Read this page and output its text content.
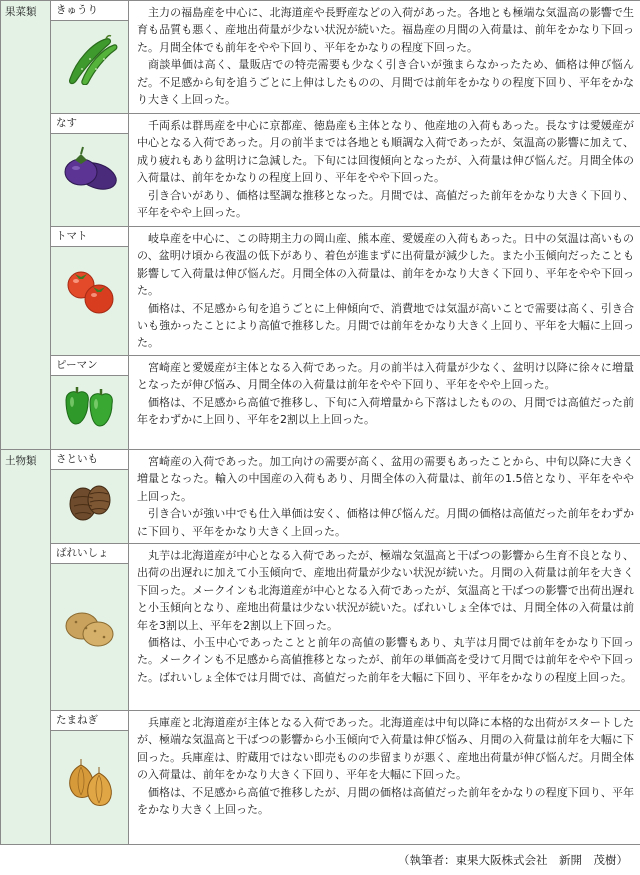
果菜類	きゅうり	主力の福島産を中心に、北海道産や長野産などの入荷があった。各地とも極端な気温高の影響で生育も品質も悪く、産地出荷量が少ない状況が続いた。福島産の月間の入荷量は、前年をかなり下回った。月間全体でも前年をやや下回り、平年をかなりの程度下回った。

商談単価は高く、量販店での特売需要も少なく引き合いが強まらなかったため、価格は伸び悩んだ。不足感から旬を追うごとに上伸はしたものの、月間では前年をかなりの程度下回り、平年をかなり大きく上回った。

	なす	千両系は群馬産を中心に京都産、徳島産も主体となり、他産地の入荷もあった。長なすは愛媛産が中心となる入荷であった。月の前半までは各地とも順調な入荷であったが、気温高の影響に加えて、成り疲れもあり盆明けに急減した。下旬には回復傾向となったが、入荷量は伸び悩んだ。月間全体の入荷量は、前年をかなりの程度上回り、平年をやや下回った。

引き合いがあり、価格は堅調な推移となった。月間では、高値だった前年をかなり大きく下回り、平年をやや上回った。

	トマト	岐阜産を中心に、この時期主力の岡山産、熊本産、愛媛産の入荷もあった。日中の気温は高いものの、盆明け頃から夜温の低下があり、着色が進まずに出荷量が減少した。また小玉傾向だったことも影響して入荷量は伸び悩んだ。月間全体の入荷量は、前年をかなり大きく下回り、平年をやや下回った。

価格は、不足感から旬を追うごとに上伸傾向で、消費地では気温が高いことで需要は高く、引き合いも強かったことにより高値で推移した。月間では前年をかなり大きく上回り、平年を大幅に上回った。

	ピーマン	宮崎産と愛媛産が主体となる入荷であった。月の前半は入荷量が少なく、盆明け以降に徐々に増量となったが伸び悩み、月間全体の入荷量は前年をやや下回り、平年をやや上回った。

価格は、不足感から高値で推移し、下旬に入荷増量から下落はしたものの、月間では高値だった前年をわずかに上回り、平年を2割以上上回った。

土物類	さといも	宮崎産の入荷であった。加工向けの需要が高く、盆用の需要もあったことから、中旬以降に大きく増量となった。輸入の中国産の入荷もあり、月間全体の入荷量は、前年の1.5倍となり、平年をやや上回った。

引き合いが強い中でも仕入単価は安く、価格は伸び悩んだ。月間の価格は高値だった前年をわずかに下回り、平年をかなり大きく上回った。

	ばれいしょ	丸芋は北海道産が中心となる入荷であったが、極端な気温高と干ばつの影響から生育不良となり、出荷の出遅れに加えて小玉傾向で、産地出荷量が少ない状況が続いた。月間の入荷量は前年を大きく下回った。メークインも北海道産が中心となる入荷であったが、気温高と干ばつの影響で出荷出遅れと小玉傾向となり、産地出荷量は少ない状況が続いた。ばれいしょ全体では、月間全体の入荷量は前年を3割以上、平年を2割以上下回った。

価格は、小玉中心であったことと前年の高値の影響もあり、丸芋は月間では前年をかなり下回った。メークインも不足感から高値推移となったが、前年の単価高を受けて月間では前年をやや下回った。ばれいしょ全体では月間では、高値だった前年を大幅に下回り、平年をかなりの程度上回った。

	たまねぎ	兵庫産と北海道産が主体となる入荷であった。北海道産は中旬以降に本格的な出荷がスタートしたが、極端な気温高と干ばつの影響から小玉傾向で入荷量は伸び悩み、月間の入荷量は前年を大幅に下回った。兵庫産は、貯蔵用ではない即売ものの歩留まりが悪く、産地出荷量が伸び悩んだ。月間全体の入荷量は、前年をかなり大きく下回り、平年を大幅に下回った。

価格は、不足感から高値で推移したが、月間の価格は高値だった前年をかなりの程度下回り、平年をかなり大きく上回った。

（執筆者：東果大阪株式会社　新開　茂樹）
